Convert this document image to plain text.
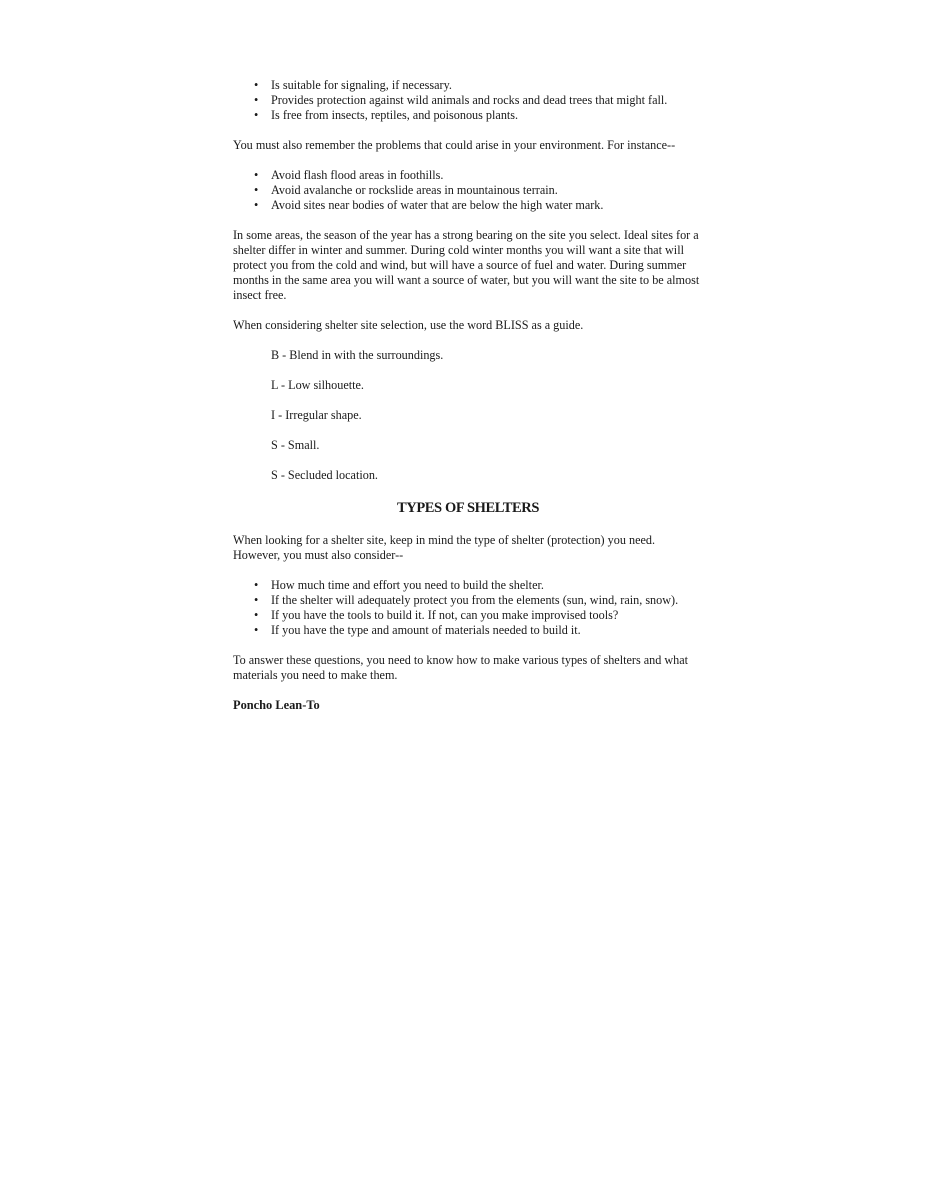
• Is suitable for signaling, if necessary.
• Provides protection against wild animals and rocks and dead trees that might fall.
• Is free from insects, reptiles, and poisonous plants.

You must also remember the problems that could arise in your environment. For instance--

• Avoid flash flood areas in foothills.
• Avoid avalanche or rockslide areas in mountainous terrain.
• Avoid sites near bodies of water that are below the high water mark.

In some areas, the season of the year has a strong bearing on the site you select. Ideal sites for a shelter differ in winter and summer. During cold winter months you will want a site that will protect you from the cold and wind, but will have a source of fuel and water. During summer months in the same area you will want a source of water, but you will want the site to be almost insect free.

When considering shelter site selection, use the word BLISS as a guide.

B - Blend in with the surroundings.
L - Low silhouette.
I - Irregular shape.
S - Small.
S - Secluded location.
TYPES OF SHELTERS

When looking for a shelter site, keep in mind the type of shelter (protection) you need. However, you must also consider--

• How much time and effort you need to build the shelter.
• If the shelter will adequately protect you from the elements (sun, wind, rain, snow).
• If you have the tools to build it. If not, can you make improvised tools?
• If you have the type and amount of materials needed to build it.

To answer these questions, you need to know how to make various types of shelters and what materials you need to make them.

Poncho Lean-To
